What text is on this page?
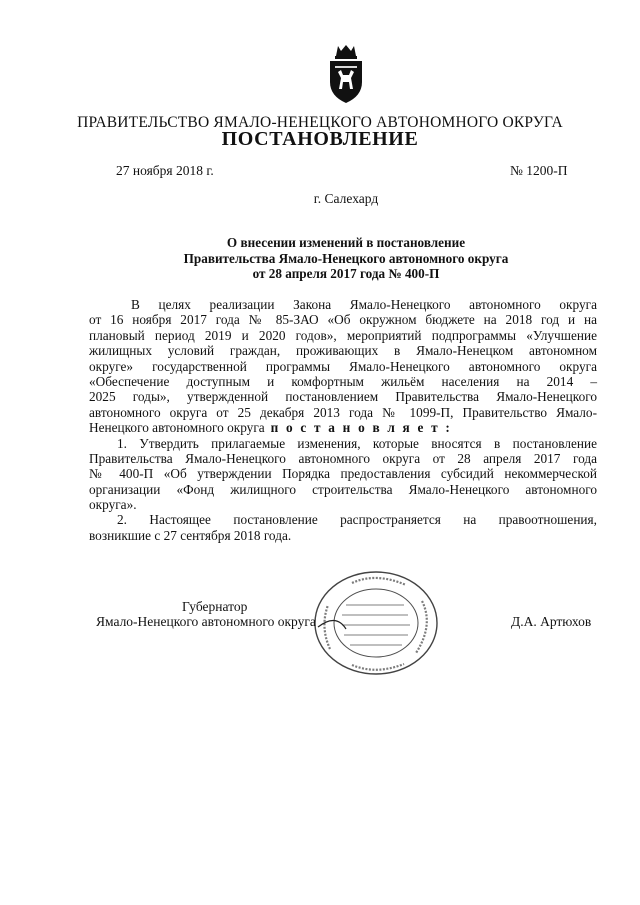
ПРАВИТЕЛЬСТВО ЯМАЛО-НЕНЕЦКОГО АВТОНОМНОГО ОКРУГА
ПОСТАНОВЛЕНИЕ
27 ноября 2018 г.	№ 1200-П
г. Салехард
О внесении изменений в постановление
Правительства Ямало-Ненецкого автономного округа
от 28 апреля 2017 года № 400-П
В целях реализации Закона Ямало-Ненецкого автономного округа
от 16 ноября 2017 года № 85-ЗАО «Об окружном бюджете на 2018 год и на
плановый период 2019 и 2020 годов», мероприятий подпрограммы «Улучшение
жилищных условий граждан, проживающих в Ямало-Ненецком автономном
округе» государственной программы Ямало-Ненецкого автономного округа
«Обеспечение доступным и комфортным жильём населения на 2014 –
2025 годы», утвержденной постановлением Правительства Ямало-Ненецкого
автономного округа от 25 декабря 2013 года № 1099-П, Правительство Ямало-
Ненецкого автономного округа п о с т а н о в л я е т :
1. Утвердить прилагаемые изменения, которые вносятся в постановление
Правительства Ямало-Ненецкого автономного округа от 28 апреля 2017 года
№ 400-П «Об утверждении Порядка предоставления субсидий некоммерческой
организации «Фонд жилищного строительства Ямало-Ненецкого автономного
округа».
2. Настоящее постановление распространяется на правоотношения,
возникшие с 27 сентября 2018 года.
Губернатор
Ямало-Ненецкого автономного округа	Д.А. Артюхов
